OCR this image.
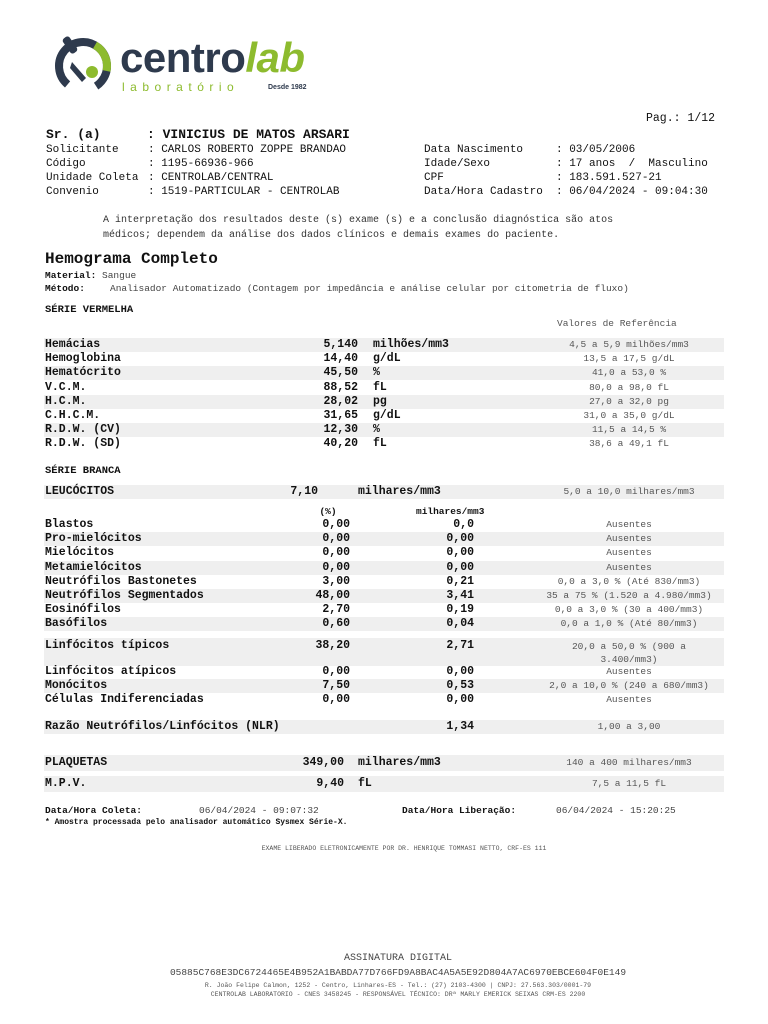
centrolab
laboratório	Desde 1982
Pag.: 1/12
Sr. (a)	: VINICIUS DE MATOS ARSARI
Solicitante	: CARLOS ROBERTO ZOPPE BRANDAO
Código	: 1195-66936-966
Unidade Coleta : CENTROLAB/CENTRAL
Convenio	: 1519-PARTICULAR - CENTROLAB
Data Nascimento	: 03/05/2006
Idade/Sexo	: 17 anos  /  Masculino
CPF	: 183.591.527-21
Data/Hora Cadastro : 06/04/2024 - 09:04:30
A interpretação dos resultados deste (s) exame (s) e a conclusão diagnóstica são atos médicos; dependem da análise dos dados clínicos e demais exames do paciente.
Hemograma Completo
Material: Sangue
Método:	Analisador Automatizado (Contagem por impedância e análise celular por citometria de fluxo)
SÉRIE VERMELHA
Valores de Referência
Hemácias	5,140 milhões/mm3	4,5 a 5,9 milhões/mm3
Hemoglobina	14,40 g/dL	13,5 a 17,5 g/dL
Hematócrito	45,50 %	41,0 a 53,0 %
V.C.M.	88,52 fL	80,0 a 98,0 fL
H.C.M.	28,02 pg	27,0 a 32,0 pg
C.H.C.M.	31,65 g/dL	31,0 a 35,0 g/dL
R.D.W. (CV)	12,30 %	11,5 a 14,5 %
R.D.W. (SD)	40,20 fL	38,6 a 49,1 fL
SÉRIE BRANCA
LEUCÓCITOS	7,10	milhares/mm3	5,0 a 10,0 milhares/mm3
(%)	milhares/mm3
Blastos	0,00	0,0	Ausentes
Pro-mielócitos	0,00	0,00	Ausentes
Mielócitos	0,00	0,00	Ausentes
Metamielócitos	0,00	0,00	Ausentes
Neutrófilos Bastonetes	3,00	0,21	0,0 a 3,0 % (Até 830/mm3)
Neutrófilos Segmentados	48,00	3,41	35 a 75 % (1.520 a 4.980/mm3)
Eosinófilos	2,70	0,19	0,0 a 3,0 % (30 a 400/mm3)
Basófilos	0,60	0,04	0,0 a 1,0 % (Até 80/mm3)
Linfócitos típicos	38,20	2,71	20,0 a 50,0 % (900 a
3.400/mm3)
Linfócitos atípicos	0,00	0,00	Ausentes
Monócitos	7,50	0,53	2,0 a 10,0 % (240 a 680/mm3)
Células Indiferenciadas	0,00	0,00	Ausentes
Razão Neutrófilos/Linfócitos (NLR)	1,34	1,00 a 3,00
PLAQUETAS	349,00 milhares/mm3	140 a 400 milhares/mm3
M.P.V.	9,40 fL	7,5 a 11,5 fL
Data/Hora Coleta:	06/04/2024 - 09:07:32	Data/Hora Liberação:	06/04/2024 - 15:20:25
* Amostra processada pelo analisador automático Sysmex Série-X.
EXAME LIBERADO ELETRONICAMENTE POR DR. HENRIQUE TOMMASI NETTO, CRF-ES 111
ASSINATURA DIGITAL
05885C768E3DC6724465E4B952A1BABDA77D766FD9A8BAC4A5A5E92D804A7AC6970EBCE604F0E149
R. João Felipe Calmon, 1252 - Centro, Linhares-ES - Tel.: (27) 2103-4300 | CNPJ: 27.563.303/0001-79
CENTROLAB LABORATORIO - CNES 3458245 - RESPONSÁVEL TÉCNICO: DRª MARLY EMERICK SEIXAS CRM-ES 2200
